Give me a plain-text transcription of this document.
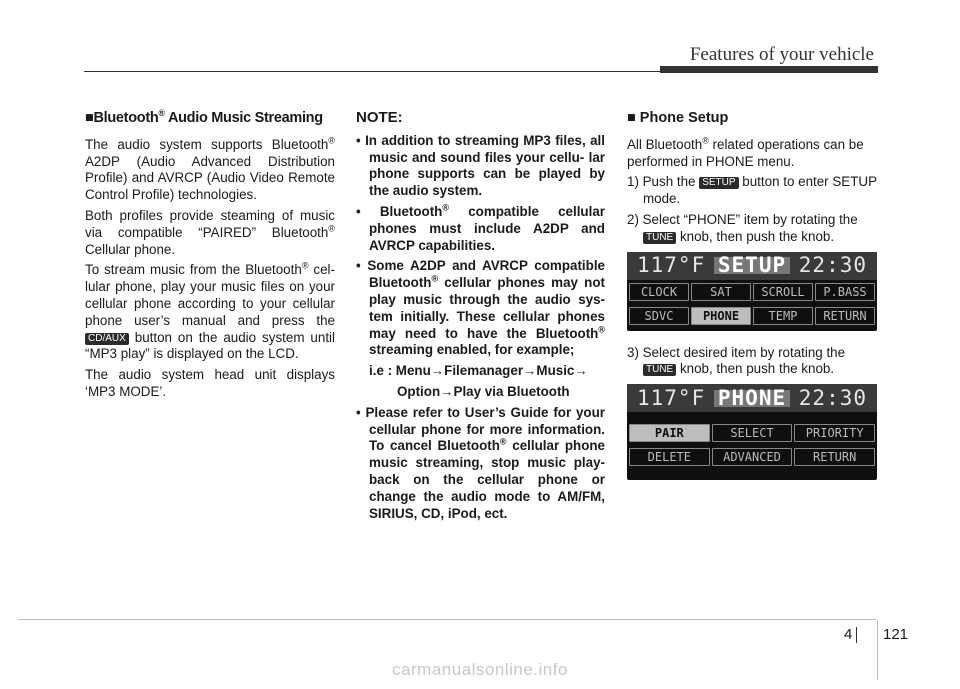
Features of your vehicle
■Bluetooth® Audio Music Streaming

The audio system supports Bluetooth® A2DP (Audio Advanced Distribution Profile) and AVRCP (Audio Video Remote Control Profile) technologies.

Both profiles provide steaming of music via compatible “PAIRED” Bluetooth® Cellular phone.

To stream music from the Bluetooth® cel- lular phone, play your music files on your cellular phone according to your cellular phone user’s manual and press the CD/AUX button on the audio system until “MP3 play” is displayed on the LCD.

The audio system head unit displays ‘MP3 MODE’.

NOTE:

• In addition to streaming MP3 files, all music and sound files your cellu- lar phone supports can be played by the audio system.

• Bluetooth® compatible cellular phones must include A2DP and AVRCP capabilities.

• Some A2DP and AVRCP compatible Bluetooth® cellular phones may not play music through the audio sys- tem initially. These cellular phones may need to have the Bluetooth® streaming enabled, for example;

i.e : Menu→Filemanager→Music→

Option→Play via Bluetooth

• Please refer to User’s Guide for your cellular phone for more information. To cancel Bluetooth® cellular phone music streaming, stop music play- back on the cellular phone or change the audio mode to AM/FM, SIRIUS, CD, iPod, ect.

■ Phone Setup

All Bluetooth® related operations can be performed in PHONE menu.

1) Push the SETUP button to enter SETUP mode.

2) Select “PHONE” item by rotating the TUNE knob, then push the knob.

117°F SETUP 22:30
CLOCK	SAT	SCROLL	P.BASS
SDVC	PHONE	TEMP	RETURN

3) Select desired item by rotating the TUNE knob, then push the knob.

117°F PHONE 22:30
PAIR	SELECT	PRIORITY
DELETE	ADVANCED	RETURN
4 121
carmanualsonline.info
